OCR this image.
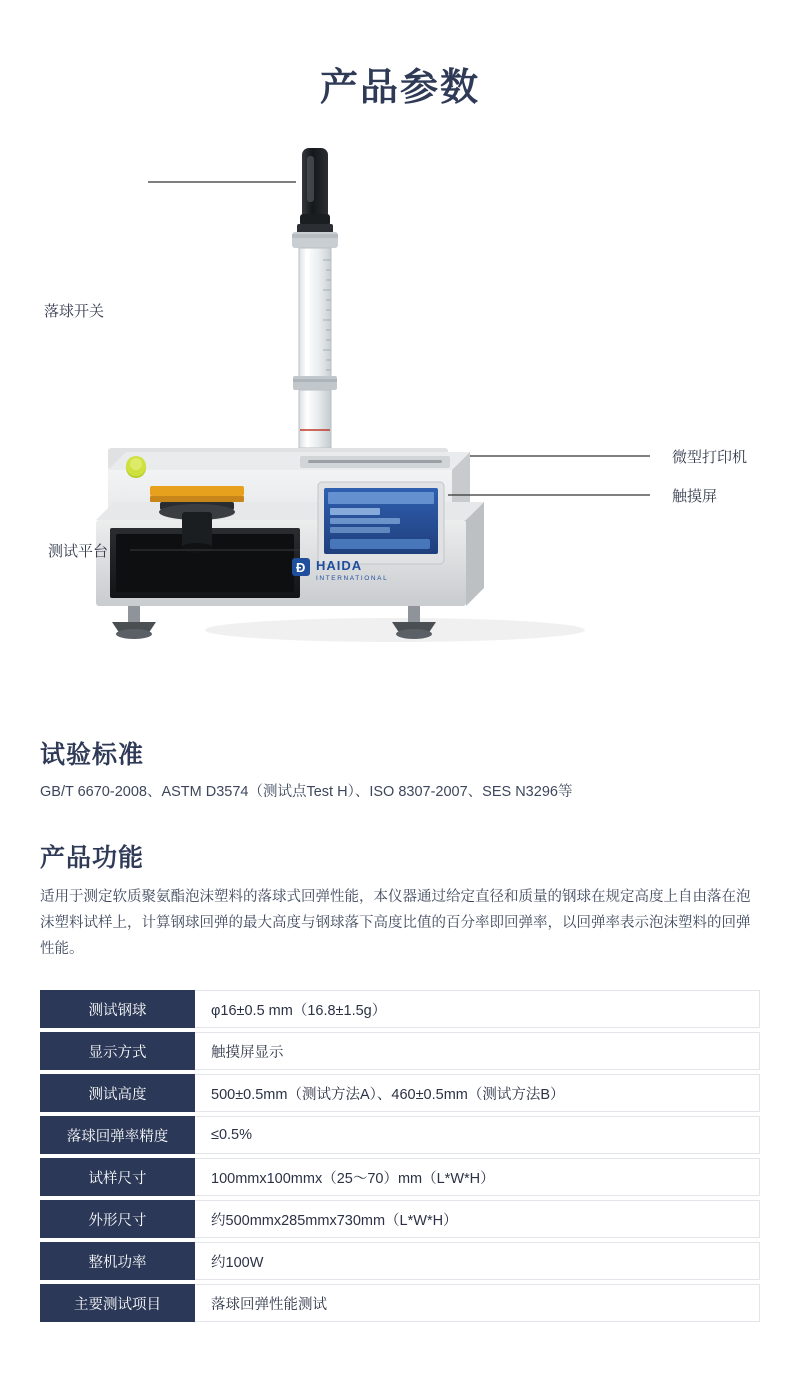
产品参数
Ð HAIDA
INTERNATIONAL
落球开关
微型打印机
触摸屏
测试平台
试验标准
GB/T 6670-2008、ASTM D3574（测试点Test H）、ISO 8307-2007、SES N3296等
产品功能
适用于测定软质聚氨酯泡沫塑料的落球式回弹性能，本仪器通过给定直径和质量的钢球在规定高度上自由落在泡沫塑料试样上，计算钢球回弹的最大高度与钢球落下高度比值的百分率即回弹率，以回弹率表示泡沫塑料的回弹性能。
测试钢球	φ16±0.5 mm（16.8±1.5g）
显示方式	触摸屏显示
测试高度	500±0.5mm（测试方法A）、460±0.5mm（测试方法B）
落球回弹率精度	≤0.5%
试样尺寸	100mmx100mmx（25～70）mm（L*W*H）
外形尺寸	约500mmx285mmx730mm（L*W*H）
整机功率	约100W
主要测试项目	落球回弹性能测试
